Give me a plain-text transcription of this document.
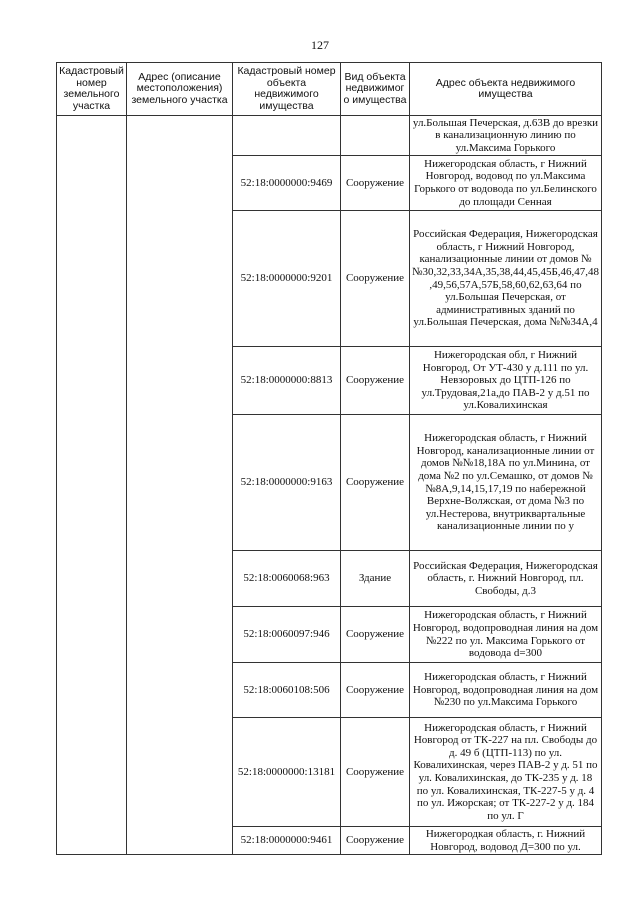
127
Кадастровый номер земельного участка	Адрес (описание местоположения) земельного участка	Кадастровый номер объекта недвижимого имущества	Вид объекта недвижимого имущества	Адрес объекта недвижимого имущества
				ул.Большая Печерская, д.63В до врезки в канализационную линию по ул.Максима Горького
		52:18:0000000:9469	Сооружение	Нижегородская область, г Нижний Новгород, водовод по ул.Максима Горького от водовода по ул.Белинского до площади Сенная
		52:18:0000000:9201	Сооружение	Российская Федерация, Нижегородская область, г Нижний Новгород, канализационные линии от домов №№30,32,33,34А,35,38,44,45,45Б,46,47,48,49,56,57А,57Б,58,60,62,63,64 по ул.Большая Печерская, от административных зданий по ул.Большая Печерская, дома №№34А,4
		52:18:0000000:8813	Сооружение	Нижегородская обл, г Нижний Новгород, От УТ-430 у д.111 по ул. Невзоровых до ЦТП-126 по ул.Трудовая,21а,до ПАВ-2 у д.51 по ул.Ковалихинская
		52:18:0000000:9163	Сооружение	Нижегородская область, г Нижний Новгород, канализационные линии от домов №№18,18А по ул.Минина, от дома №2 по ул.Семашко, от домов №№8А,9,14,15,17,19 по набережной Верхне-Волжская, от дома №3 по ул.Нестерова, внутриквартальные канализационные линии по у
		52:18:0060068:963	Здание	Российская Федерация, Нижегородская область, г. Нижний Новгород, пл. Свободы, д.3
		52:18:0060097:946	Сооружение	Нижегородская область, г Нижний Новгород, водопроводная линия на дом №222 по ул. Максима Горького от водовода d=300
		52:18:0060108:506	Сооружение	Нижегородская область, г Нижний Новгород, водопроводная линия на дом №230 по ул.Максима Горького
		52:18:0000000:13181	Сооружение	Нижегородская область, г Нижний Новгород от ТК-227 на пл. Свободы до д. 49 б (ЦТП-113) по ул. Ковалихинская, через ПАВ-2 у д. 51 по ул. Ковалихинская, до ТК-235 у д. 18 по ул. Ковалихинская, ТК-227-5 у д. 4 по ул. Ижорская; от ТК-227-2 у д. 184 по ул. Г
		52:18:0000000:9461	Сооружение	Нижегородкая область, г. Нижний Новгород, водовод Д=300 по ул.
